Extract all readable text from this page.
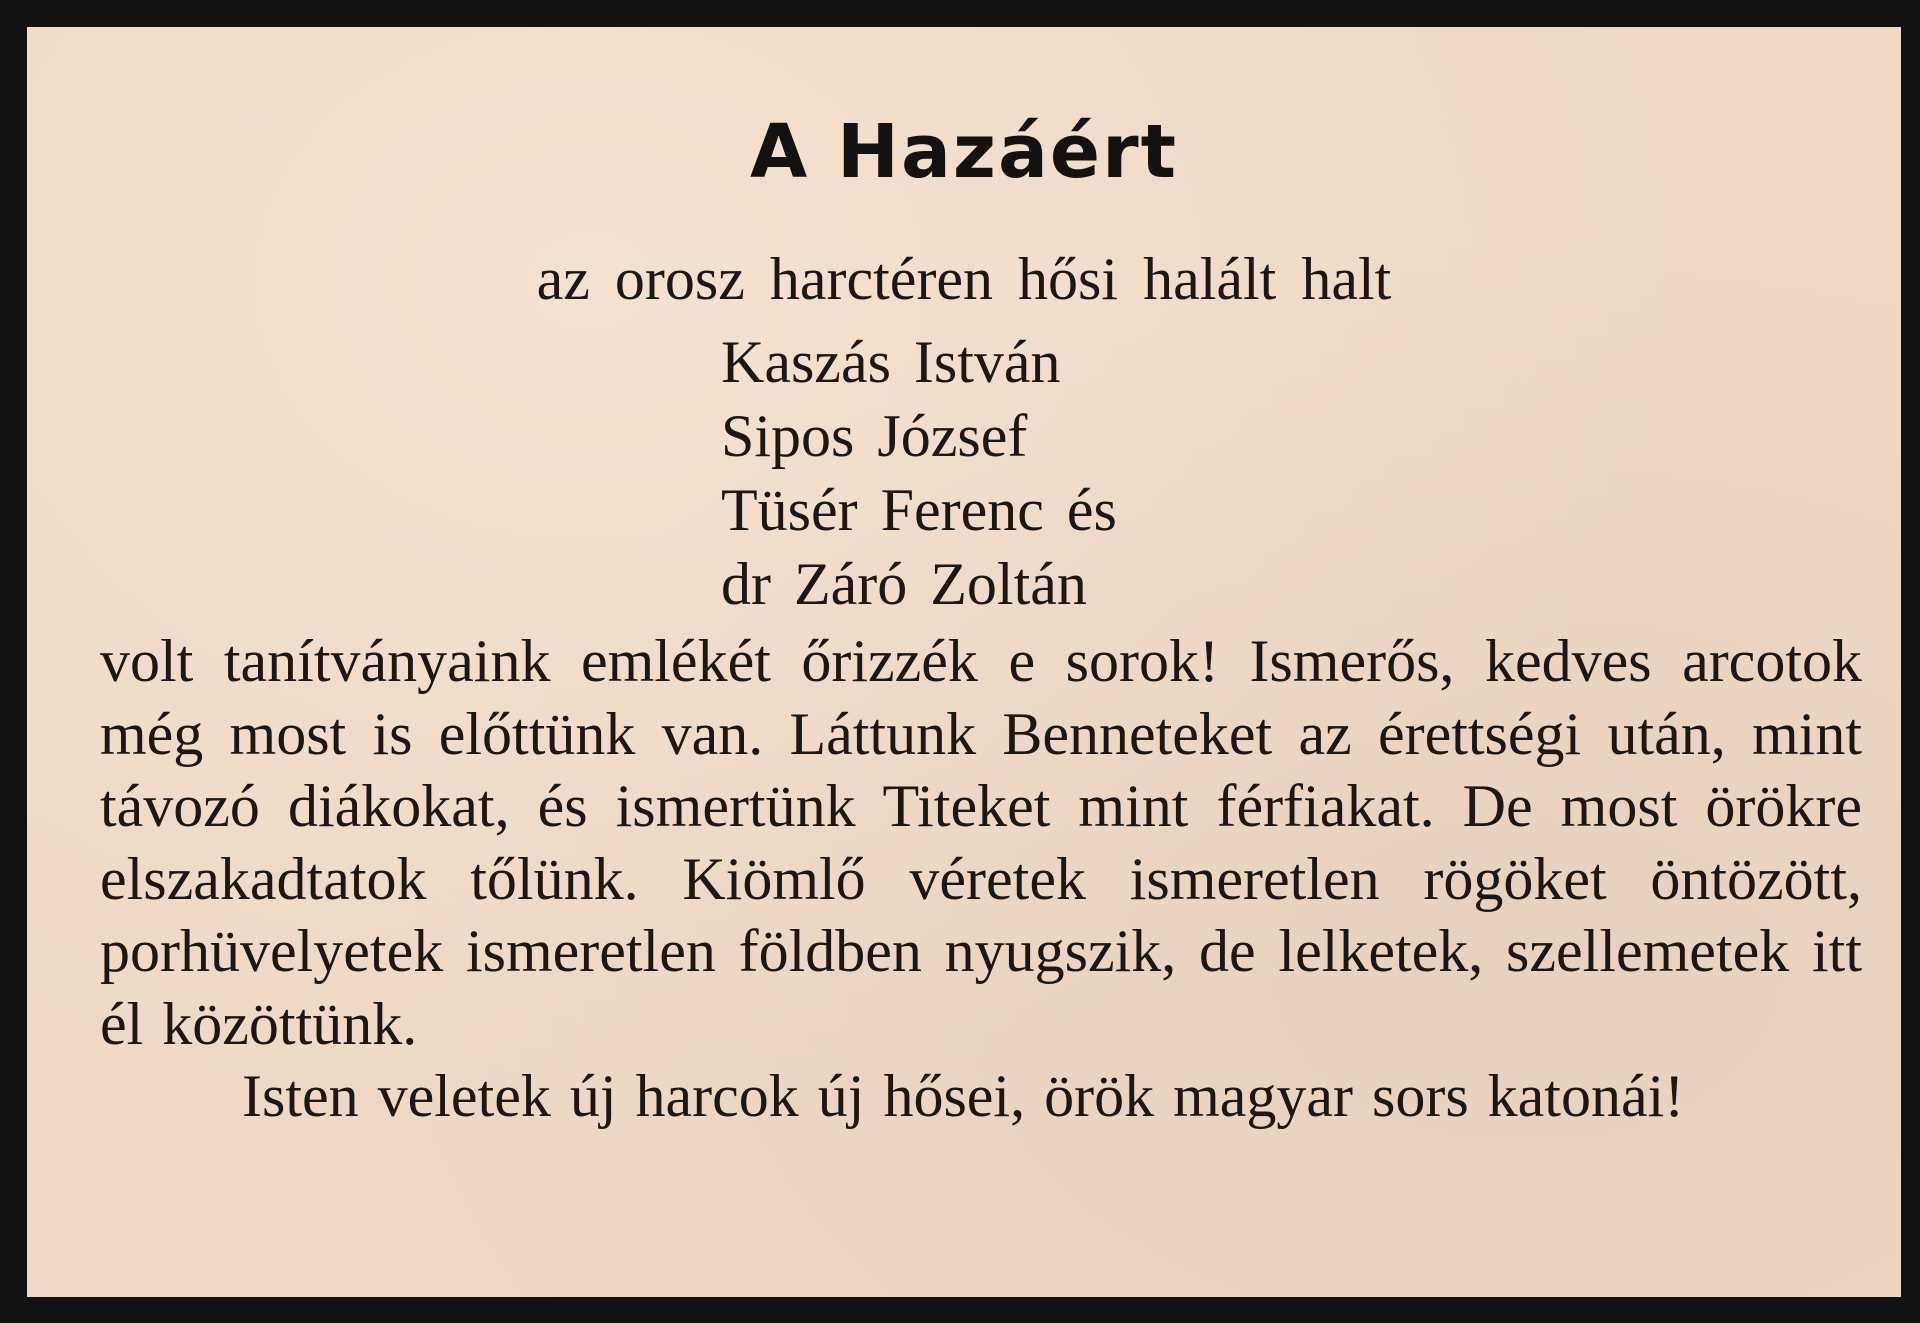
A Hazáért
az orosz harctéren hősi halált halt
Kaszás István
Sipos József
Tüsér Ferenc és
dr Záró Zoltán

volt tanítványaink emlékét őrizzék e sorok! Ismerős, kedves arcotok még most is előttünk van. Láttunk Benneteket az érettségi után, mint távozó diákokat, és ismertünk Titeket mint férfiakat. De most örökre elszakadtatok tőlünk. Kiömlő véretek ismeretlen rögöket öntözött, porhüvelyetek ismeretlen földben nyugszik, de lelketek, szellemetek itt él közöttünk.

Isten veletek új harcok új hősei, örök magyar sors katonái!
